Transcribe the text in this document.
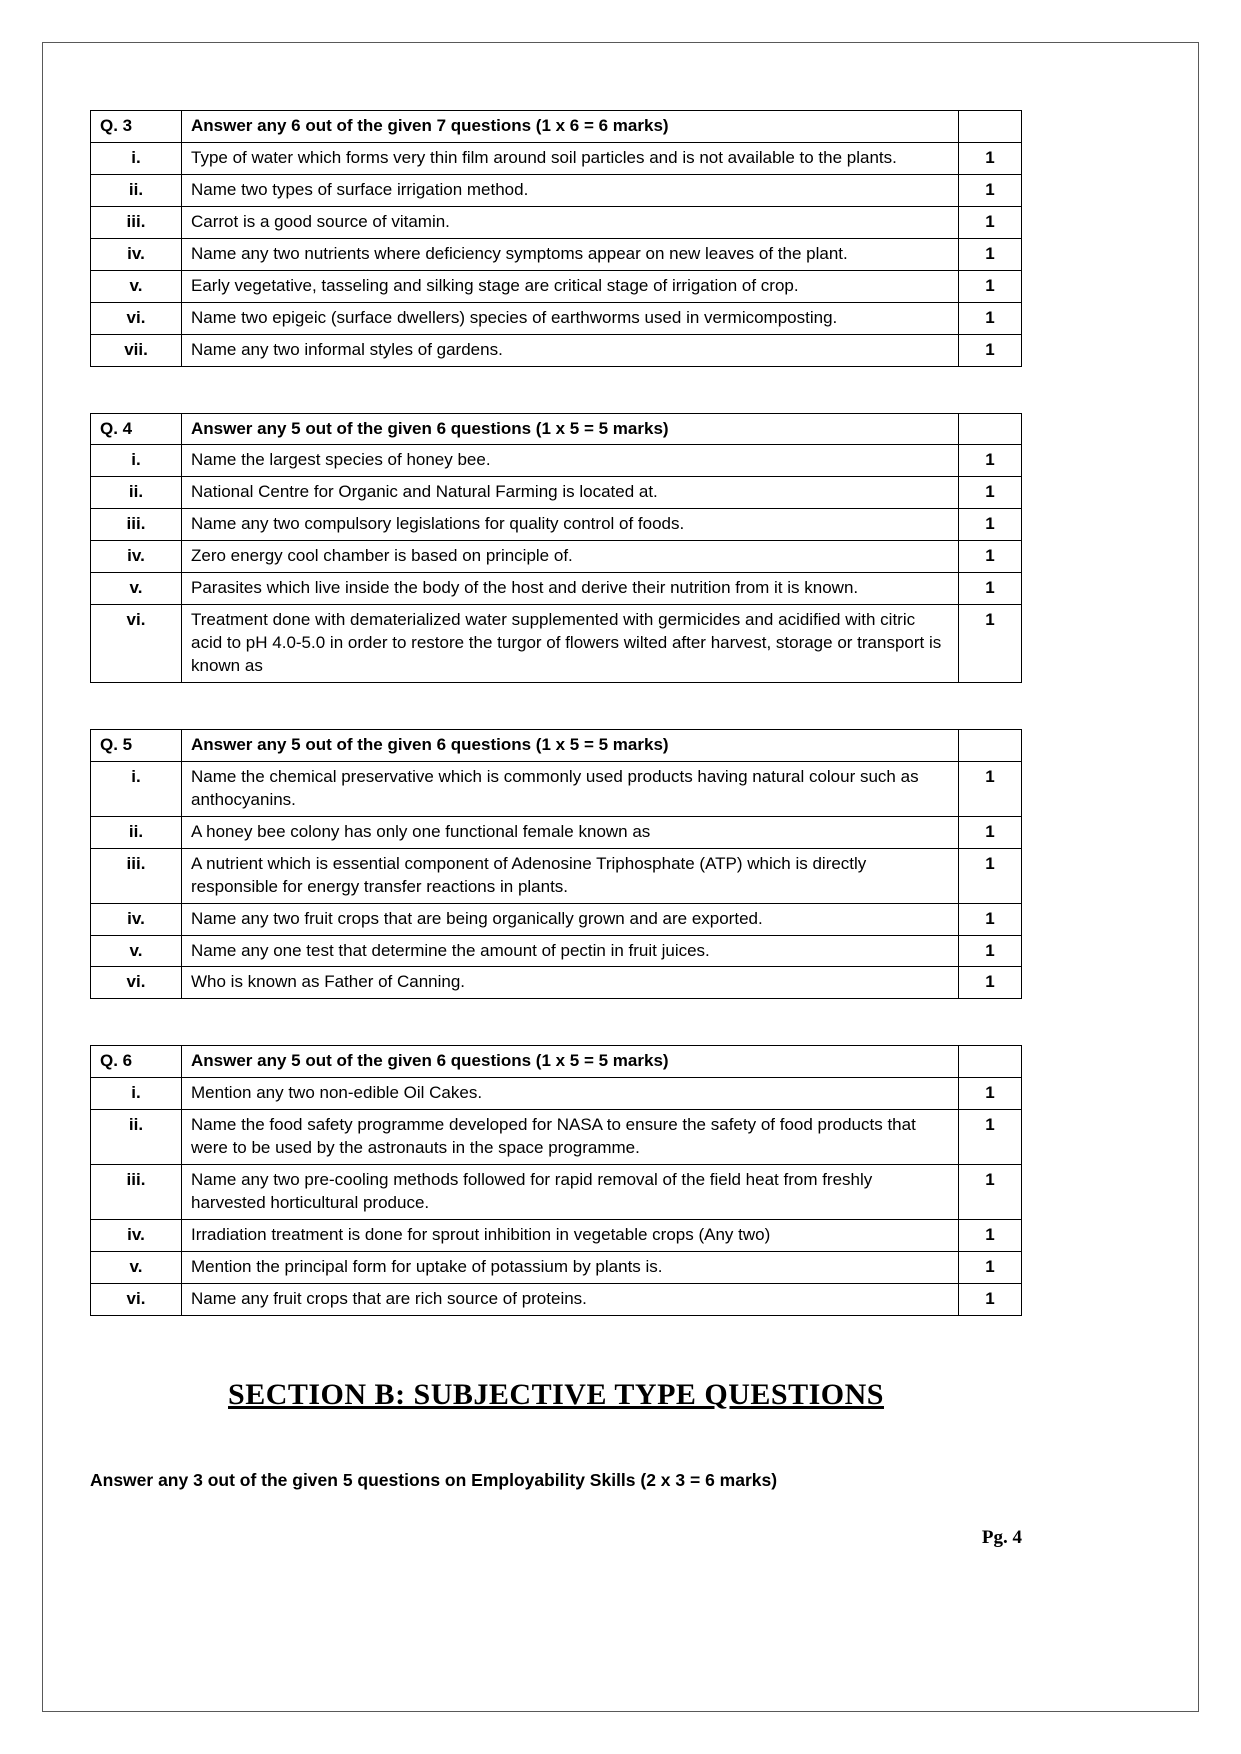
Q. 3	Answer any 6 out of the given 7 questions (1 x 6 = 6 marks)	
i.	Type of water which forms very thin film around soil particles and is not available to the plants.	1
ii.	Name two types of surface irrigation method.	1
iii.	Carrot is a good source of vitamin.	1
iv.	Name any two nutrients where deficiency symptoms appear on new leaves of the plant.	1
v.	Early vegetative, tasseling and silking stage are critical stage of irrigation of crop.	1
vi.	Name two epigeic (surface dwellers) species of earthworms used in vermicomposting.	1
vii.	Name any two informal styles of gardens.	1
Q. 4	Answer any 5 out of the given 6 questions (1 x 5 = 5 marks)	
i.	Name the largest species of honey bee.	1
ii.	National Centre for Organic and Natural Farming is located at.	1
iii.	Name any two compulsory legislations for quality control of foods.	1
iv.	Zero energy cool chamber is based on principle of.	1
v.	Parasites which live inside the body of the host and derive their nutrition from it is known.	1
vi.	Treatment done with dematerialized water supplemented with germicides and acidified with citric acid to pH 4.0-5.0 in order to restore the turgor of flowers wilted after harvest, storage or transport is known as	1
Q. 5	Answer any 5 out of the given 6 questions (1 x 5 = 5 marks)	
i.	Name the chemical preservative which is commonly used products having natural colour such as anthocyanins.	1
ii.	A honey bee colony has only one functional female known as	1
iii.	A nutrient which is essential component of Adenosine Triphosphate (ATP) which is directly responsible for energy transfer reactions in plants.	1
iv.	Name any two fruit crops that are being organically grown and are exported.	1
v.	Name any one test that determine the amount of pectin in fruit juices.	1
vi.	Who is known as Father of Canning.	1
Q. 6	Answer any 5 out of the given 6 questions (1 x 5 = 5 marks)	
i.	Mention any two non-edible Oil Cakes.	1
ii.	Name the food safety programme developed for NASA to ensure the safety of food products that were to be used by the astronauts in the space programme.	1
iii.	Name any two pre-cooling methods followed for rapid removal of the field heat from freshly harvested horticultural produce.	1
iv.	Irradiation treatment is done for sprout inhibition in vegetable crops (Any two)	1
v.	Mention the principal form for uptake of potassium by plants is.	1
vi.	Name any fruit crops that are rich source of proteins.	1
SECTION B: SUBJECTIVE TYPE QUESTIONS
Answer any 3 out of the given 5 questions on Employability Skills (2 x 3 = 6 marks)
Pg. 4
